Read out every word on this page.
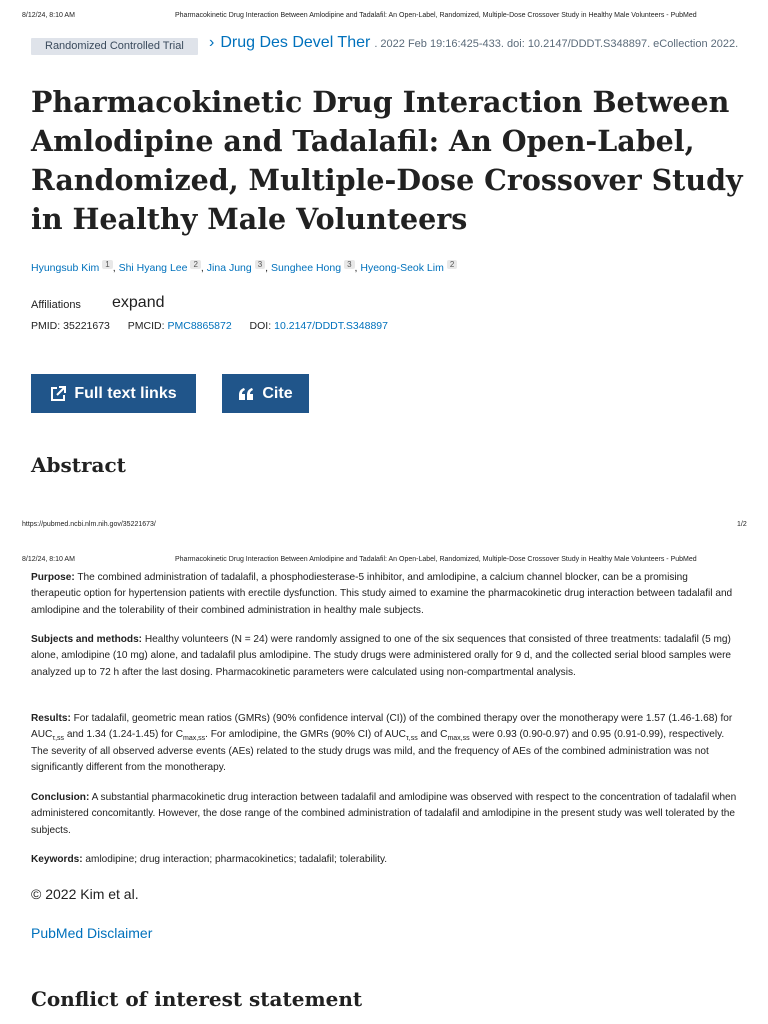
8/12/24, 8:10 AM	Pharmacokinetic Drug Interaction Between Amlodipine and Tadalafil: An Open-Label, Randomized, Multiple-Dose Crossover Study in Healthy Male Volunteers - PubMed
Randomized Controlled Trial	› Drug Des Devel Ther . 2022 Feb 19:16:425-433. doi: 10.2147/DDDT.S348897. eCollection 2022.
Pharmacokinetic Drug Interaction Between Amlodipine and Tadalafil: An Open-Label, Randomized, Multiple-Dose Crossover Study in Healthy Male Volunteers
Hyungsub Kim 1 , Shi Hyang Lee 2 , Jina Jung 3 , Sunghee Hong 3 , Hyeong-Seok Lim 2
Affiliations expand
PMID: 35221673 PMCID: PMC8865872 DOI: 10.2147/DDDT.S348897
Full text links	Cite
Abstract
https://pubmed.ncbi.nlm.nih.gov/35221673/	1/2
8/12/24, 8:10 AM	Pharmacokinetic Drug Interaction Between Amlodipine and Tadalafil: An Open-Label, Randomized, Multiple-Dose Crossover Study in Healthy Male Volunteers - PubMed

Purpose: The combined administration of tadalafil, a phosphodiesterase-5 inhibitor, and amlodipine, a calcium channel blocker, can be a promising therapeutic option for hypertension patients with erectile dysfunction. This study aimed to examine the pharmacokinetic drug interaction between tadalafil and amlodipine and the tolerability of their combined administration in healthy male subjects.

Subjects and methods: Healthy volunteers (N = 24) were randomly assigned to one of the six sequences that consisted of three treatments: tadalafil (5 mg) alone, amlodipine (10 mg) alone, and tadalafil plus amlodipine. The study drugs were administered orally for 9 d, and the collected serial blood samples were analyzed up to 72 h after the last dosing. Pharmacokinetic parameters were calculated using non-compartmental analysis.

Results: For tadalafil, geometric mean ratios (GMRs) (90% confidence interval (CI)) of the combined therapy over the monotherapy were 1.57 (1.46-1.68) for $AUC_{\tau,ss}$ and 1.34 (1.24-1.45) for $C_{max,ss}$. For amlodipine, the GMRs (90% CI) of $AUC_{\tau,ss}$ and $C_{max,ss}$ were 0.93 (0.90-0.97) and 0.95 (0.91-0.99), respectively. The severity of all observed adverse events (AEs) related to the study drugs was mild, and the frequency of AEs of the combined administration was not significantly different from the monotherapy.

Conclusion: A substantial pharmacokinetic drug interaction between tadalafil and amlodipine was observed with respect to the concentration of tadalafil when administered concomitantly. However, the dose range of the combined administration of tadalafil and amlodipine in the present study was well tolerated by the subjects.

Keywords: amlodipine; drug interaction; pharmacokinetics; tadalafil; tolerability.

© 2022 Kim et al.
PubMed Disclaimer
Conflict of interest statement
